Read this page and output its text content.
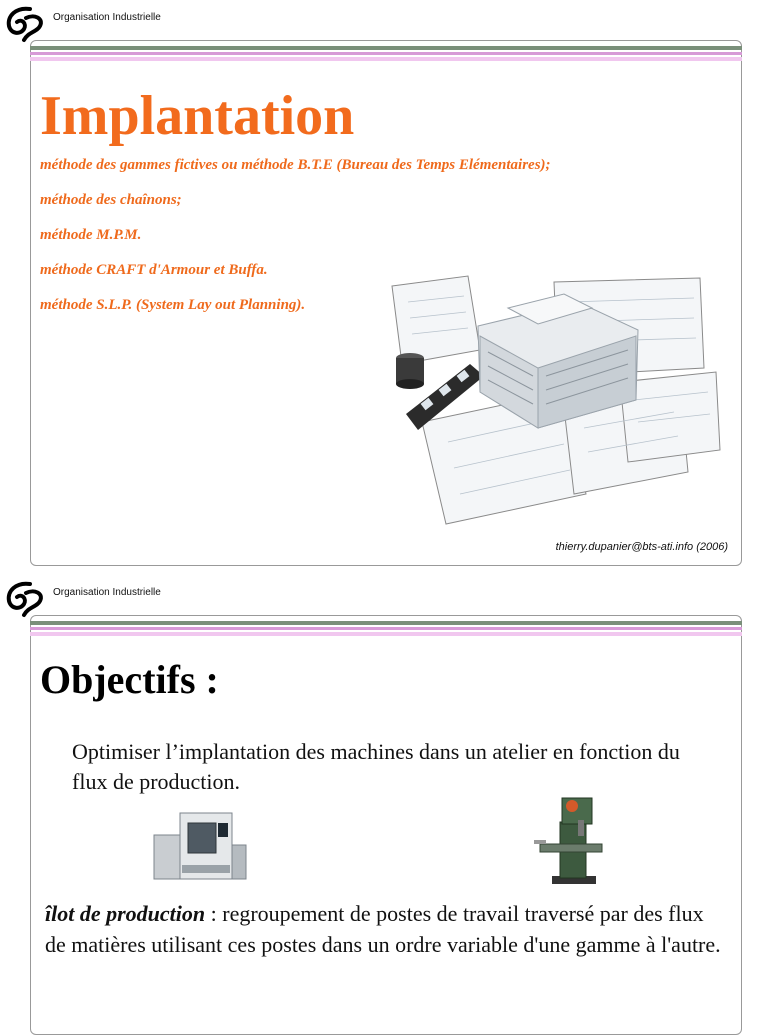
Organisation Industrielle
Implantation
méthode des gammes fictives ou méthode B.T.E (Bureau des Temps Elémentaires);
méthode des chaînons;
méthode M.P.M.
méthode CRAFT d'Armour et Buffa.
méthode S.L.P. (System Lay out Planning).
thierry.dupanier@bts-ati.info (2006)
Organisation Industrielle
Objectifs :

Optimiser l’implantation des machines dans un atelier en fonction du flux de production.

îlot de production : regroupement de postes de travail traversé par des flux de matières utilisant ces postes dans un ordre variable d'une gamme à l'autre.
